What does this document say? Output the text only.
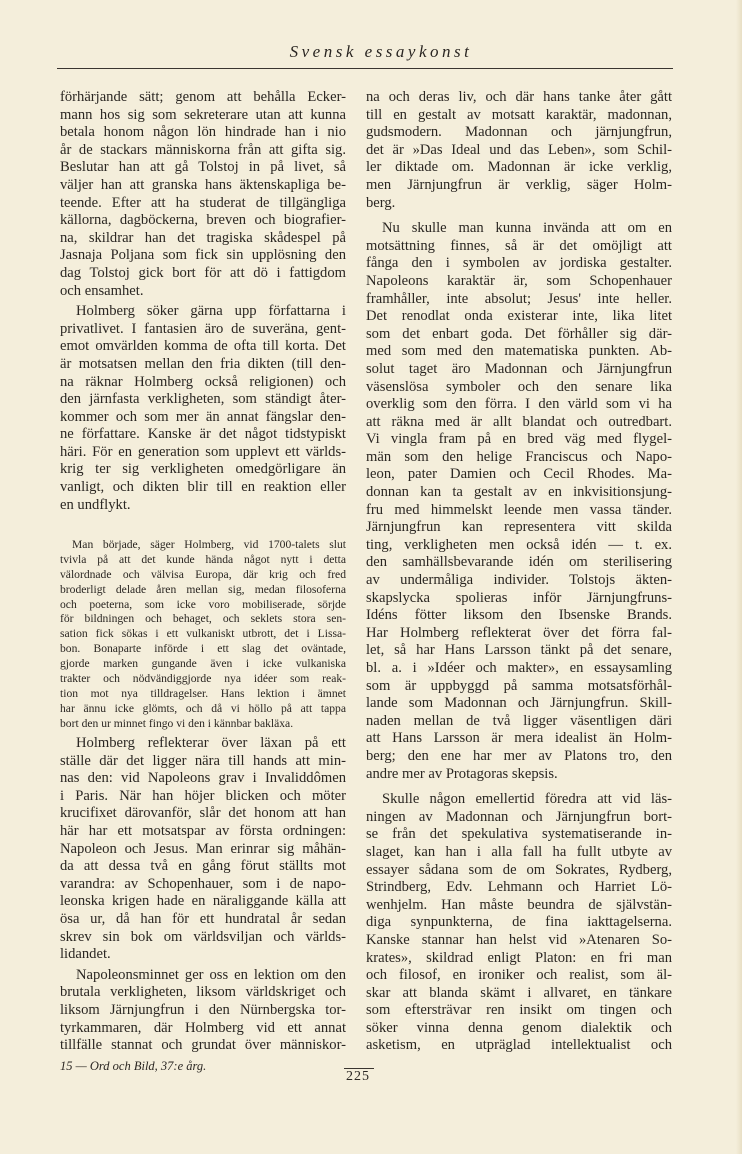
Svensk essaykonst
förhärjande sätt; genom att behålla Ecker-
mann hos sig som sekreterare utan att kunna
betala honom någon lön hindrade han i nio
år de stackars människorna från att gifta sig.
Beslutar han att gå Tolstoj in på livet, så
väljer han att granska hans äktenskapliga be-
teende. Efter att ha studerat de tillgängliga
källorna, dagböckerna, breven och biografier-
na, skildrar han det tragiska skådespel på
Jasnaja Poljana som fick sin upplösning den
dag Tolstoj gick bort för att dö i fattigdom
och ensamhet.
Holmberg söker gärna upp författarna i
privatlivet. I fantasien äro de suveräna, gent-
emot omvärlden komma de ofta till korta. Det
är motsatsen mellan den fria dikten (till den-
na räknar Holmberg också religionen) och
den järnfasta verkligheten, som ständigt åter-
kommer och som mer än annat fängslar den-
ne författare. Kanske är det något tidstypiskt
häri. För en generation som upplevt ett världs-
krig ter sig verkligheten omedgörligare än
vanligt, och dikten blir till en reaktion eller
en undflykt.
Man började, säger Holmberg, vid 1700-talets slut
tvivla på att det kunde hända något nytt i detta
välordnade och välvisa Europa, där krig och fred
broderligt delade åren mellan sig, medan filosoferna
och poeterna, som icke voro mobiliserade, sörjde
för bildningen och behaget, och seklets stora sen-
sation fick sökas i ett vulkaniskt utbrott, det i Lissa-
bon. Bonaparte införde i ett slag det oväntade,
gjorde marken gungande även i icke vulkaniska
trakter och nödvändiggjorde nya idéer som reak-
tion mot nya tilldragelser. Hans lektion i ämnet
har ännu icke glömts, och då vi höllo på att tappa
bort den ur minnet fingo vi den i kännbar bakläxa.
Holmberg reflekterar över läxan på ett
ställe där det ligger nära till hands att min-
nas den: vid Napoleons grav i Invaliddômen
i Paris. När han höjer blicken och möter
krucifixet därovanför, slår det honom att han
här har ett motsatspar av första ordningen:
Napoleon och Jesus. Man erinrar sig måhän-
da att dessa två en gång förut ställts mot
varandra: av Schopenhauer, som i de napo-
leonska krigen hade en näraliggande källa att
ösa ur, då han för ett hundratal år sedan
skrev sin bok om världsviljan och världs-
lidandet.
Napoleonsminnet ger oss en lektion om den
brutala verkligheten, liksom världskriget och
liksom Järnjungfrun i den Nürnbergska tor-
tyrkammaren, där Holmberg vid ett annat
tillfälle stannat och grundat över människor-
na och deras liv, och där hans tanke åter gått
till en gestalt av motsatt karaktär, madonnan,
gudsmodern. Madonnan och järnjungfrun,
det är »Das Ideal und das Leben», som Schil-
ler diktade om. Madonnan är icke verklig,
men Järnjungfrun är verklig, säger Holm-
berg.
Nu skulle man kunna invända att om en
motsättning finnes, så är det omöjligt att
fånga den i symbolen av jordiska gestalter.
Napoleons karaktär är, som Schopenhauer
framhåller, inte absolut; Jesus' inte heller.
Det renodlat onda existerar inte, lika litet
som det enbart goda. Det förhåller sig där-
med som med den matematiska punkten. Ab-
solut taget äro Madonnan och Järnjungfrun
väsenslösa symboler och den senare lika
overklig som den förra. I den värld som vi ha
att räkna med är allt blandat och outredbart.
Vi vingla fram på en bred väg med flygel-
män som den helige Franciscus och Napo-
leon, pater Damien och Cecil Rhodes. Ma-
donnan kan ta gestalt av en inkvisitionsjung-
fru med himmelskt leende men vassa tänder.
Järnjungfrun kan representera vitt skilda
ting, verkligheten men också idén — t. ex.
den samhällsbevarande idén om sterilisering
av undermåliga individer. Tolstojs äkten-
skapslycka spolieras inför Järnjungfruns-
Idéns fötter liksom den Ibsenske Brands.
Har Holmberg reflekterat över det förra fal-
let, så har Hans Larsson tänkt på det senare,
bl. a. i »Idéer och makter», en essaysamling
som är uppbyggd på samma motsatsförhål-
lande som Madonnan och Järnjungfrun. Skill-
naden mellan de två ligger väsentligen däri
att Hans Larsson är mera idealist än Holm-
berg; den ene har mer av Platons tro, den
andre mer av Protagoras skepsis.
Skulle någon emellertid föredra att vid läs-
ningen av Madonnan och Järnjungfrun bort-
se från det spekulativa systematiserande in-
slaget, kan han i alla fall ha fullt utbyte av
essayer sådana som de om Sokrates, Rydberg,
Strindberg, Edv. Lehmann och Harriet Lö-
wenhjelm. Han måste beundra de självstän-
diga synpunkterna, de fina iakttagelserna.
Kanske stannar han helst vid »Atenaren So-
krates», skildrad enligt Platon: en fri man
och filosof, en ironiker och realist, som äl-
skar att blanda skämt i allvaret, en tänkare
som eftersträvar ren insikt om tingen och
söker vinna denna genom dialektik och
asketism, en utpräglad intellektualist och
15 — Ord och Bild, 37:e årg.
225
